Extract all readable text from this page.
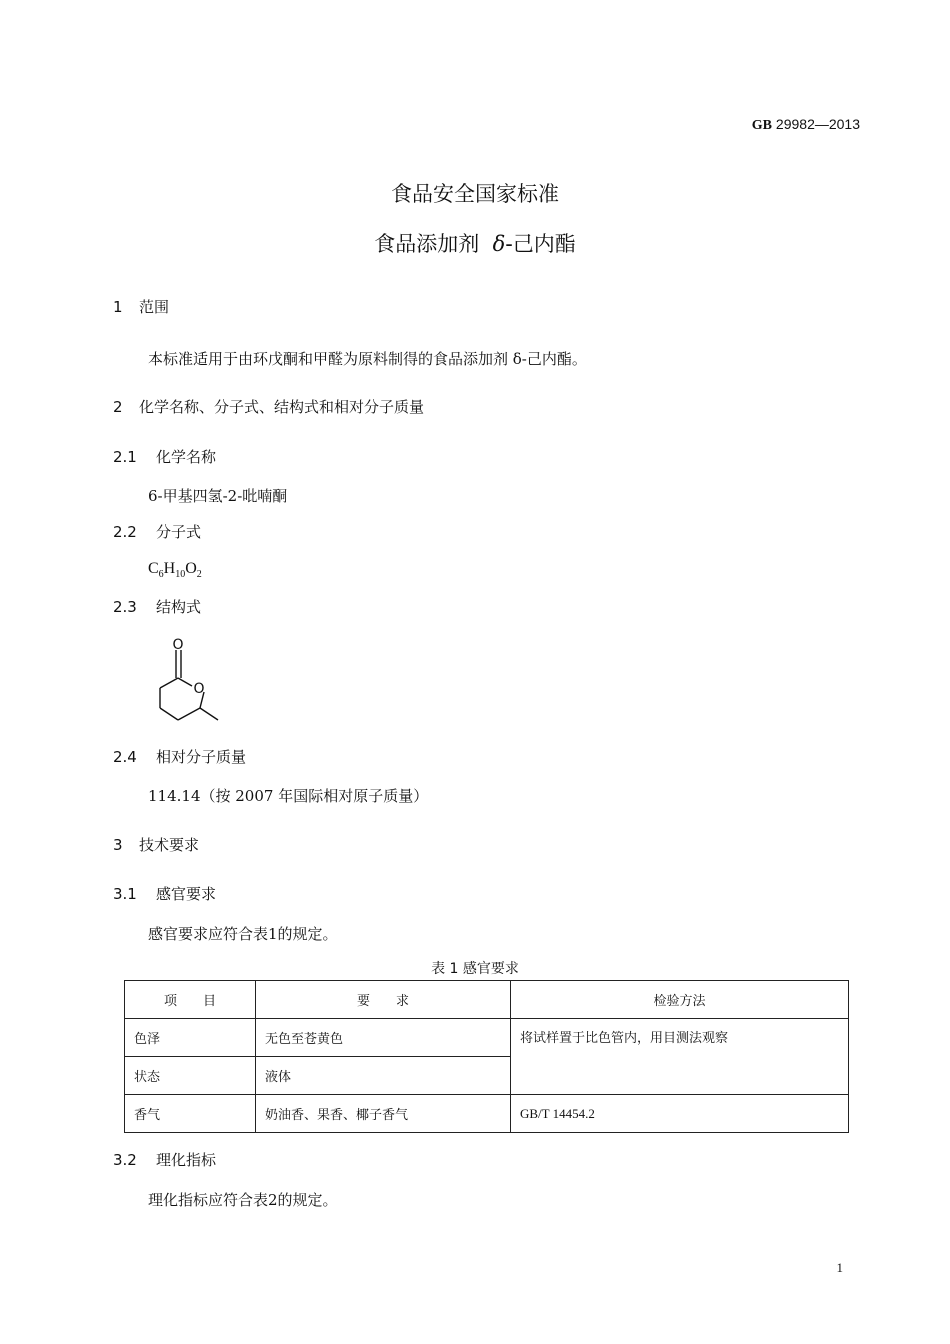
GB 29982—2013
食品安全国家标准
食品添加剂 δ-己内酯
1 范围
本标准适用于由环戊酮和甲醛为原料制得的食品添加剂 δ-己内酯。
2 化学名称、分子式、结构式和相对分子质量
2.1 化学名称
6-甲基四氢-2-吡喃酮
2.2 分子式
$C_6H_{10}O_2$
2.3 结构式
O
O
2.4 相对分子质量
114.14（按 2007 年国际相对原子质量）
3 技术要求
3.1 感官要求
感官要求应符合表1的规定。
表 1 感官要求
项　　目	要　　求	检验方法
色泽	无色至苍黄色	将试样置于比色管内，用目测法观察
状态	液体	
香气	奶油香、果香、椰子香气	GB/T 14454.2
3.2 理化指标
理化指标应符合表2的规定。
1
